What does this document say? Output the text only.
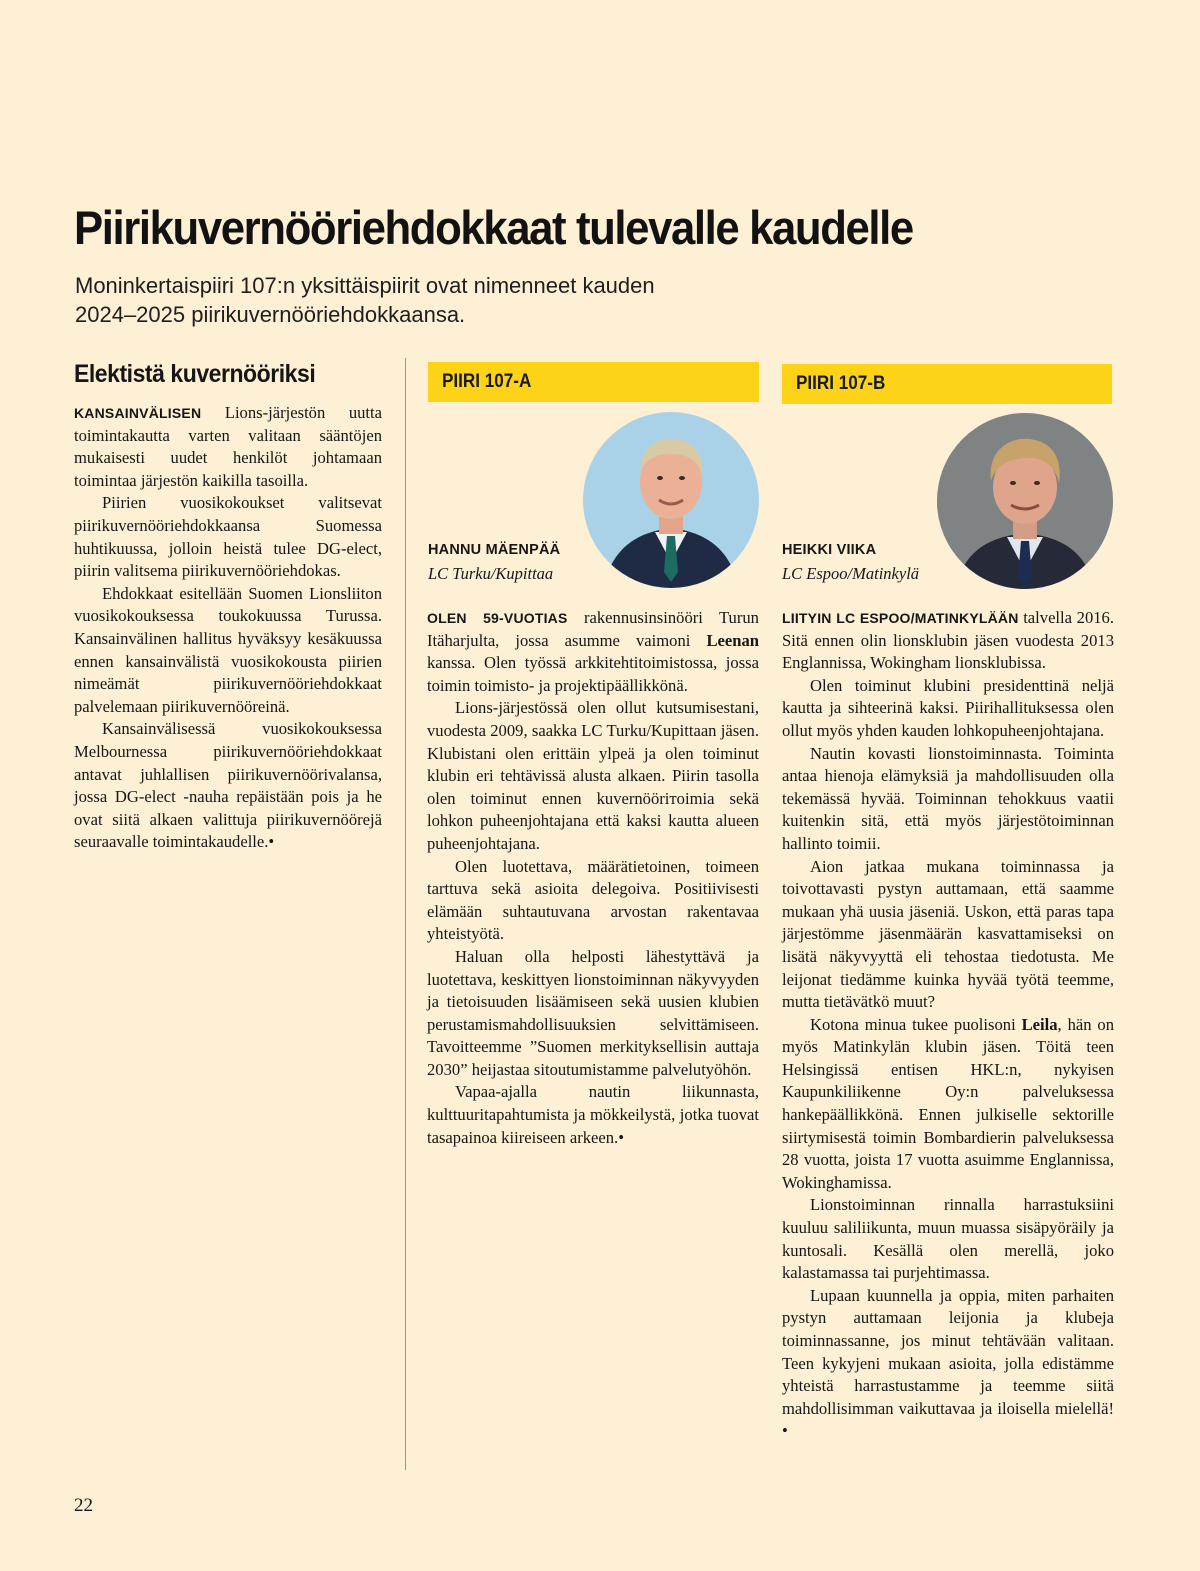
Piirikuvernööriehdokkaat tulevalle kaudelle
Moninkertaispiiri 107:n yksittäispiirit ovat nimenneet kauden 2024–2025 piirikuvernööriehdokkaansa.
Elektistä kuvernööriksi

KANSAINVÄLISEN Lions-järjestön uutta toimintakautta varten valitaan sääntöjen mukaisesti uudet henkilöt johtamaan toimintaa järjestön kaikilla tasoilla.

Piirien vuosikokoukset valitsevat piirikuvernööriehdokkaansa Suomessa huhtikuussa, jolloin heistä tulee DG-elect, piirin valitsema piirikuvernööriehdokas.

Ehdokkaat esitellään Suomen Lionsliiton vuosikokouksessa toukokuussa Turussa. Kansainvälinen hallitus hyväksyy kesäkuussa ennen kansainvälistä vuosikokousta piirien nimeämät piirikuvernööriehdokkaat palvelemaan piirikuvernööreinä.

Kansainvälisessä vuosikokouksessa Melbournessa piirikuvernööriehdokkaat antavat juhlallisen piirikuvernöörivalansa, jossa DG-elect -nauha repäistään pois ja he ovat siitä alkaen valittuja piirikuvernöörejä seuraavalle toimintakaudelle.•

PIIRI 107-A
HANNU MÄENPÄÄ
LC Turku/Kupittaa

OLEN 59-VUOTIAS rakennusinsinööri Turun Itäharjulta, jossa asumme vaimoni Leenan kanssa. Olen työssä arkkitehtitoimistossa, jossa toimin toimisto- ja projektipäällikkönä.

Lions-järjestössä olen ollut kutsumisestani, vuodesta 2009, saakka LC Turku/Kupittaan jäsen. Klubistani olen erittäin ylpeä ja olen toiminut klubin eri tehtävissä alusta alkaen. Piirin tasolla olen toiminut ennen kuvernöörітoimia sekä lohkon puheenjohtajana että kaksi kautta alueen puheenjohtajana.

Olen luotettava, määrätietoinen, toimeen tarttuva sekä asioita delegoiva. Positiivisesti elämään suhtautuvana arvostan rakentavaa yhteistyötä.

Haluan olla helposti lähestyttävä ja luotettava, keskittyen lionstoiminnan näkyvyyden ja tietoisuuden lisäämiseen sekä uusien klubien perustamismahdollisuuksien selvittämiseen. Tavoitteemme ”Suomen merkityksellisin auttaja 2030” heijastaa sitoutumistamme palvelutyöhön.

Vapaa-ajalla nautin liikunnasta, kulttuuritapahtumista ja mökkeilystä, jotka tuovat tasapainoa kiireiseen arkeen.•

PIIRI 107-B
HEIKKI VIIKA
LC Espoo/Matinkylä

LIITYIN LC ESPOO/MATINKYLÄÄN talvella 2016. Sitä ennen olin lionsklubin jäsen vuodesta 2013 Englannissa, Wokingham lionsklubissa.

Olen toiminut klubini presidenttinä neljä kautta ja sihteerinä kaksi. Piirihallituksessa olen ollut myös yhden kauden lohkopuheenjohtajana.

Nautin kovasti lionstoiminnasta. Toiminta antaa hienoja elämyksiä ja mahdollisuuden olla tekemässä hyvää. Toiminnan tehokkuus vaatii kuitenkin sitä, että myös järjestötoiminnan hallinto toimii.

Aion jatkaa mukana toiminnassa ja toivottavasti pystyn auttamaan, että saamme mukaan yhä uusia jäseniä. Uskon, että paras tapa järjestömme jäsenmäärän kasvattamiseksi on lisätä näkyvyyttä eli tehostaa tiedotusta. Me leijonat tiedämme kuinka hyvää työtä teemme, mutta tietävätkö muut?

Kotona minua tukee puolisoni Leila, hän on myös Matinkylän klubin jäsen. Töitä teen Helsingissä entisen HKL:n, nykyisen Kaupunkiliikenne Oy:n palveluksessa hankepäällikkönä. Ennen julkiselle sektorille siirtymisestä toimin Bombardierin palveluksessa 28 vuotta, joista 17 vuotta asuimme Englannissa, Wokinghamissa.

Lionstoiminnan rinnalla harrastuksiini kuuluu saliliikunta, muun muassa sisäpyöräily ja kuntosali. Kesällä olen merellä, joko kalastamassa tai purjehtimassa.

Lupaan kuunnella ja oppia, miten parhaiten pystyn auttamaan leijonia ja klubeja toiminnassanne, jos minut tehtävään valitaan. Teen kykyjeni mukaan asioita, jolla edistämme yhteistä harrastustamme ja teemme siitä mahdollisimman vaikuttavaa ja iloisella mielellä!•

22
